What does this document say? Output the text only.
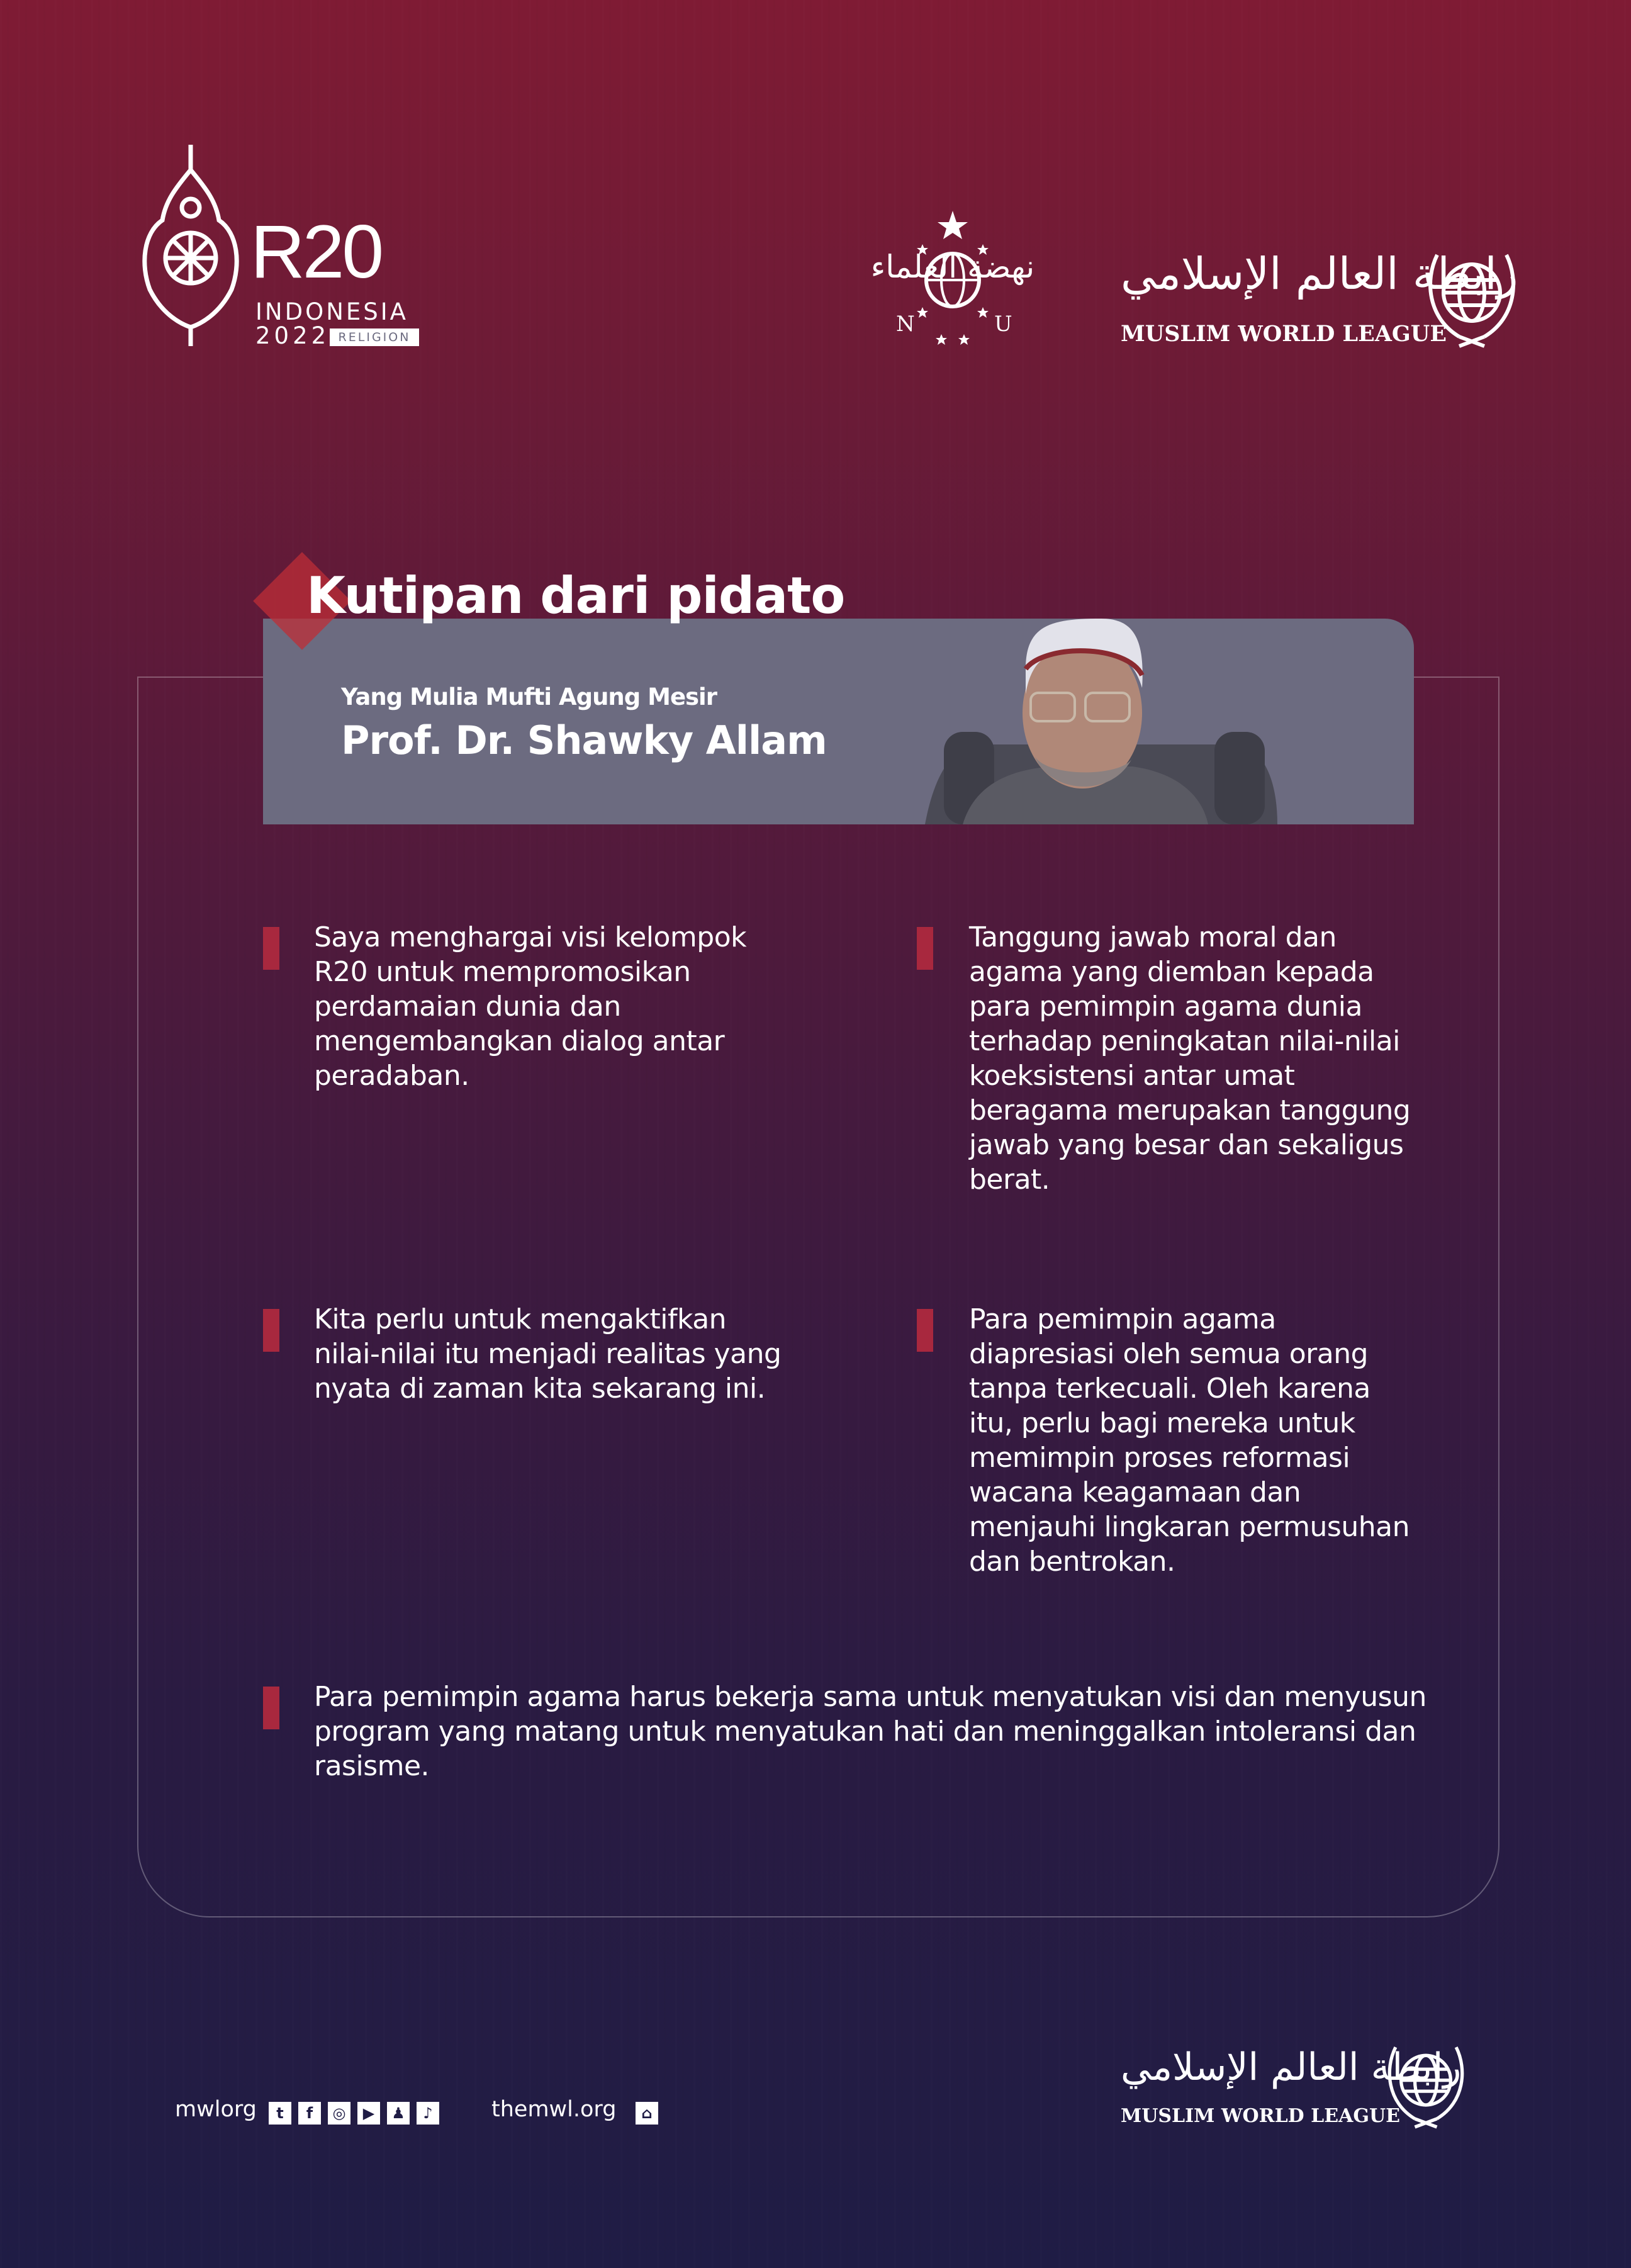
R20
INDONESIA
2022 RELIGION
نهضة العلماء
N	U
رابطة العالم الإسلامي
MUSLIM WORLD LEAGUE
Yang Mulia Mufti Agung Mesir
Prof. Dr. Shawky Allam
Kutipan dari pidato
Saya menghargai visi kelompok
R20 untuk mempromosikan
perdamaian dunia dan
mengembangkan dialog antar
peradaban.
Tanggung jawab moral dan
agama yang diemban kepada
para pemimpin agama dunia
terhadap peningkatan nilai-nilai
koeksistensi antar umat
beragama merupakan tanggung
jawab yang besar dan sekaligus
berat.
Kita perlu untuk mengaktifkan
nilai-nilai itu menjadi realitas yang
nyata di zaman kita sekarang ini.
Para pemimpin agama
diapresiasi oleh semua orang
tanpa terkecuali. Oleh karena
itu, perlu bagi mereka untuk
memimpin proses reformasi
wacana keagamaan dan
menjauhi lingkaran permusuhan
dan bentrokan.
Para pemimpin agama harus bekerja sama untuk menyatukan visi dan menyusun
program yang matang untuk menyatukan hati dan meninggalkan intoleransi dan
rasisme.
mwlorg	t	f	◎	▶	♟	♪	themwl.org	⌂
رابطة العالم الإسلامي
MUSLIM WORLD LEAGUE
